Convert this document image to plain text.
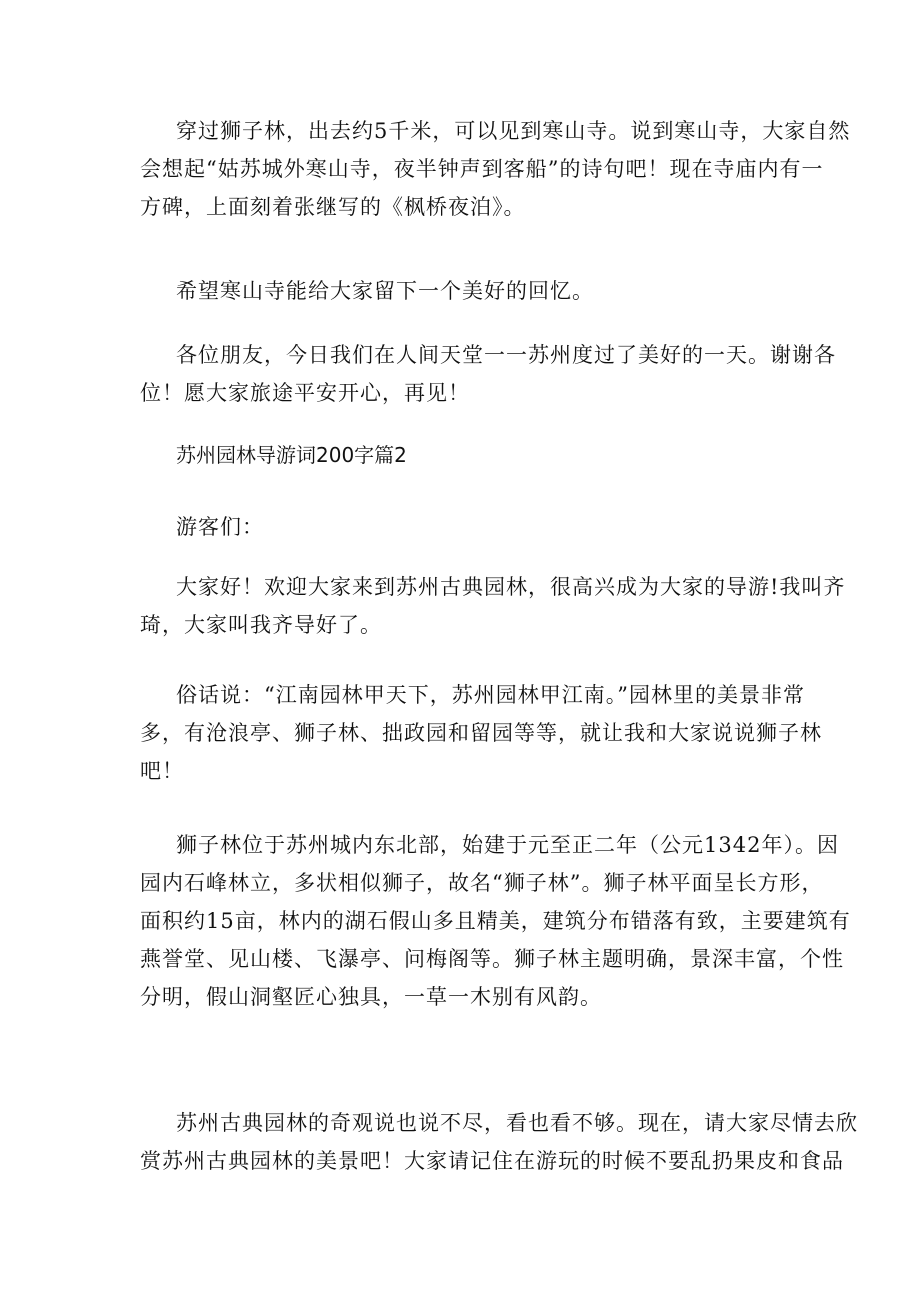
穿过狮子林，出去约5千米，可以见到寒山寺。说到寒山寺，大家自然
会想起“姑苏城外寒山寺，夜半钟声到客船”的诗句吧！现在寺庙内有一
方碑，上面刻着张继写的《枫桥夜泊》。

希望寒山寺能给大家留下一个美好的回忆。

各位朋友，今日我们在人间天堂一一苏州度过了美好的一天。谢谢各
位！愿大家旅途平安开心，再见！

苏州园林导游词200字篇2

游客们：

大家好！欢迎大家来到苏州古典园林，很高兴成为大家的导游!我叫齐
琦，大家叫我齐导好了。

俗话说：“江南园林甲天下，苏州园林甲江南。”园林里的美景非常
多，有沧浪亭、狮子林、拙政园和留园等等，就让我和大家说说狮子林
吧！

狮子林位于苏州城内东北部，始建于元至正二年（公元1342年）。因
园内石峰林立，多状相似狮子，故名“狮子林”。狮子林平面呈长方形，
面积约15亩，林内的湖石假山多且精美，建筑分布错落有致，主要建筑有
燕誉堂、见山楼、飞瀑亭、问梅阁等。狮子林主题明确，景深丰富，个性
分明，假山洞壑匠心独具，一草一木别有风韵。

苏州古典园林的奇观说也说不尽，看也看不够。现在，请大家尽情去欣
赏苏州古典园林的美景吧！大家请记住在游玩的时候不要乱扔果皮和食品
